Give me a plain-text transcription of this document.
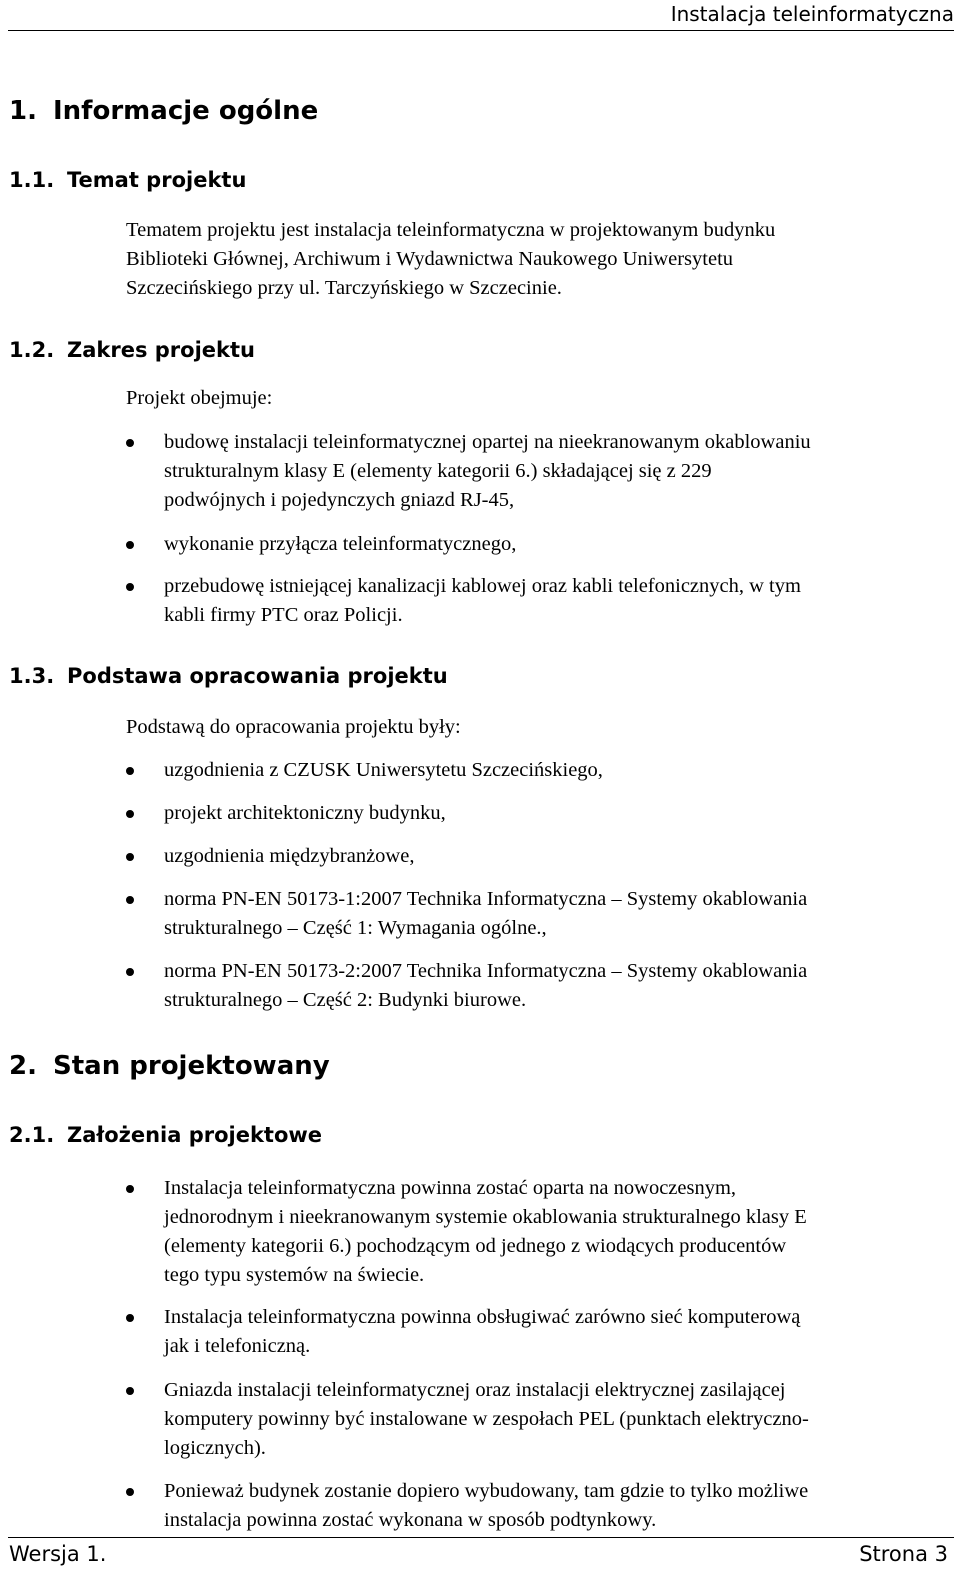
Instalacja teleinformatyczna
1. Informacje ogólne
1.1. Temat projektu

Tematem projektu jest instalacja teleinformatyczna w projektowanym budynku
Biblioteki Głównej, Archiwum i Wydawnictwa Naukowego Uniwersytetu
Szczecińskiego przy ul. Tarczyńskiego w Szczecinie.

1.2. Zakres projektu

Projekt obejmuje:

budowę instalacji teleinformatycznej opartej na nieekranowanym okablowaniu
strukturalnym klasy E (elementy kategorii 6.) składającej się z 229
podwójnych i pojedynczych gniazd RJ-45,
wykonanie przyłącza teleinformatycznego,
przebudowę istniejącej kanalizacji kablowej oraz kabli telefonicznych, w tym
kabli firmy PTC oraz Policji.
1.3. Podstawa opracowania projektu

Podstawą do opracowania projektu były:

uzgodnienia z CZUSK Uniwersytetu Szczecińskiego,
projekt architektoniczny budynku,
uzgodnienia międzybranżowe,
norma PN-EN 50173-1:2007 Technika Informatyczna – Systemy okablowania
strukturalnego – Część 1: Wymagania ogólne.,
norma PN-EN 50173-2:2007 Technika Informatyczna – Systemy okablowania
strukturalnego – Część 2: Budynki biurowe.
2. Stan projektowany
2.1. Założenia projektowe
Instalacja teleinformatyczna powinna zostać oparta na nowoczesnym,
jednorodnym i nieekranowanym systemie okablowania strukturalnego klasy E
(elementy kategorii 6.) pochodzącym od jednego z wiodących producentów
tego typu systemów na świecie.
Instalacja teleinformatyczna powinna obsługiwać zarówno sieć komputerową
jak i telefoniczną.
Gniazda instalacji teleinformatycznej oraz instalacji elektrycznej zasilającej
komputery powinny być instalowane w zespołach PEL (punktach elektryczno-
logicznych).
Ponieważ budynek zostanie dopiero wybudowany, tam gdzie to tylko możliwe
instalacja powinna zostać wykonana w sposób podtynkowy.
Wersja 1.	Strona 3
